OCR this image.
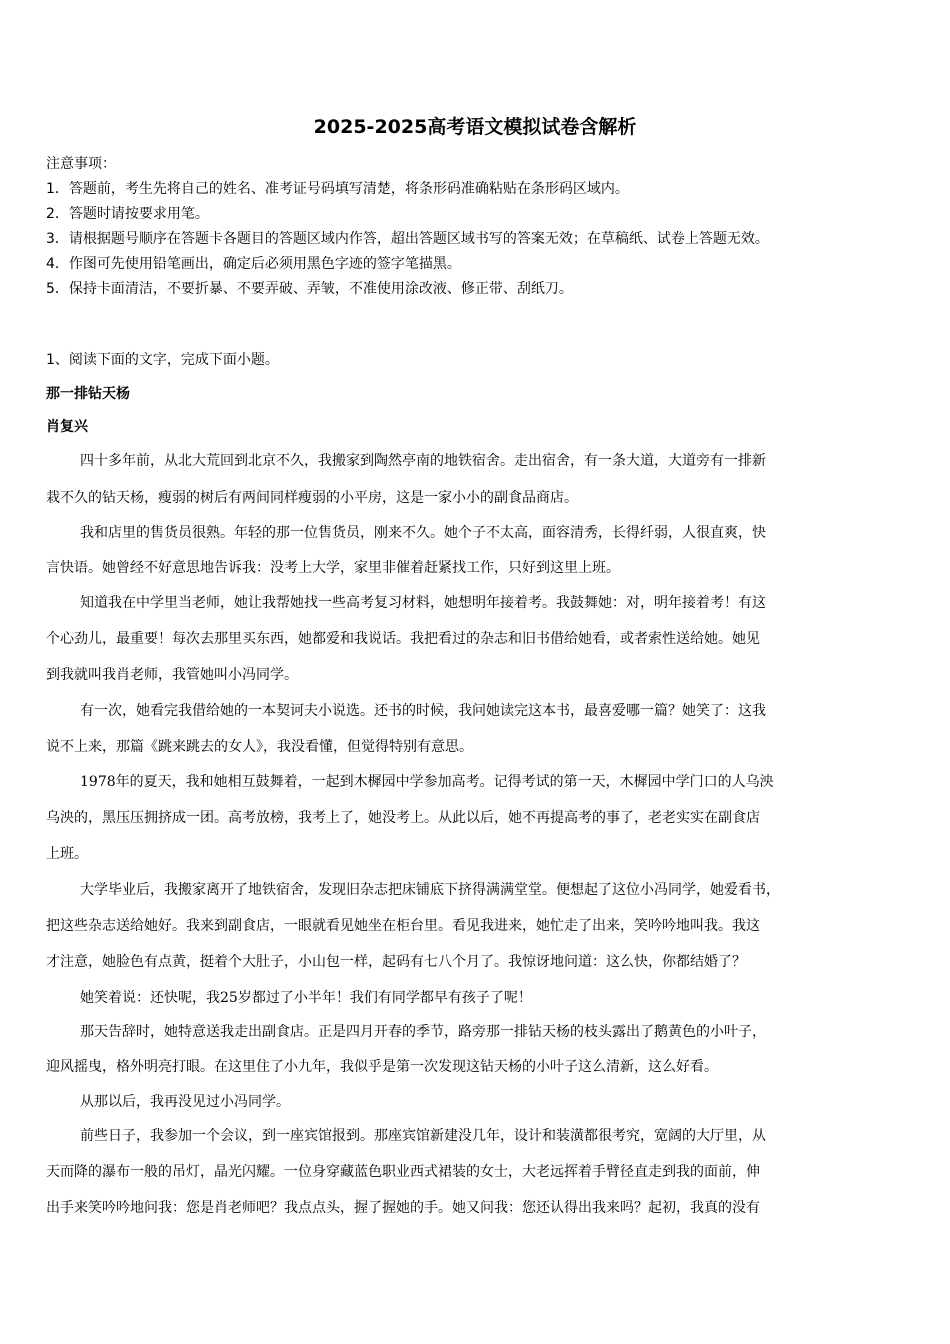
2025-2025高考语文模拟试卷含解析
注意事项：
1．答题前，考生先将自己的姓名、准考证号码填写清楚，将条形码准确粘贴在条形码区域内。
2．答题时请按要求用笔。
3．请根据题号顺序在答题卡各题目的答题区域内作答，超出答题区域书写的答案无效；在草稿纸、试卷上答题无效。
4．作图可先使用铅笔画出，确定后必须用黑色字迹的签字笔描黑。
5．保持卡面清洁，不要折暴、不要弄破、弄皱，不准使用涂改液、修正带、刮纸刀。
1、阅读下面的文字，完成下面小题。
那一排钻天杨
肖复兴
四十多年前，从北大荒回到北京不久，我搬家到陶然亭南的地铁宿舍。走出宿舍，有一条大道，大道旁有一排新
栽不久的钻天杨，瘦弱的树后有两间同样瘦弱的小平房，这是一家小小的副食品商店。
我和店里的售货员很熟。年轻的那一位售货员，刚来不久。她个子不太高，面容清秀，长得纤弱，人很直爽，快
言快语。她曾经不好意思地告诉我：没考上大学，家里非催着赶紧找工作，只好到这里上班。
知道我在中学里当老师，她让我帮她找一些高考复习材料，她想明年接着考。我鼓舞她：对，明年接着考！有这
个心劲儿，最重要！每次去那里买东西，她都爱和我说话。我把看过的杂志和旧书借给她看，或者索性送给她。她见
到我就叫我肖老师，我管她叫小冯同学。
有一次，她看完我借给她的一本契诃夫小说选。还书的时候，我问她读完这本书，最喜爱哪一篇？她笑了：这我
说不上来，那篇《跳来跳去的女人》，我没看懂，但觉得特别有意思。
1978年的夏天，我和她相互鼓舞着，一起到木樨园中学参加高考。记得考试的第一天，木樨园中学门口的人乌泱
乌泱的，黑压压拥挤成一团。高考放榜，我考上了，她没考上。从此以后，她不再提高考的事了，老老实实在副食店
上班。
大学毕业后，我搬家离开了地铁宿舍，发现旧杂志把床铺底下挤得满满堂堂。便想起了这位小冯同学，她爱看书，
把这些杂志送给她好。我来到副食店，一眼就看见她坐在柜台里。看见我进来，她忙走了出来，笑吟吟地叫我。我这
才注意，她脸色有点黄，挺着个大肚子，小山包一样，起码有七八个月了。我惊讶地问道：这么快，你都结婚了？
她笑着说：还快呢，我25岁都过了小半年！我们有同学都早有孩子了呢！
那天告辞时，她特意送我走出副食店。正是四月开春的季节，路旁那一排钻天杨的枝头露出了鹅黄色的小叶子，
迎风摇曳，格外明亮打眼。在这里住了小九年，我似乎是第一次发现这钻天杨的小叶子这么清新，这么好看。
从那以后，我再没见过小冯同学。
前些日子，我参加一个会议，到一座宾馆报到。那座宾馆新建没几年，设计和装潢都很考究，宽阔的大厅里，从
天而降的瀑布一般的吊灯，晶光闪耀。一位身穿藏蓝色职业西式裙装的女士，大老远挥着手臂径直走到我的面前，伸
出手来笑吟吟地问我：您是肖老师吧？我点点头，握了握她的手。她又问我：您还认得出我来吗？起初，我真的没有
